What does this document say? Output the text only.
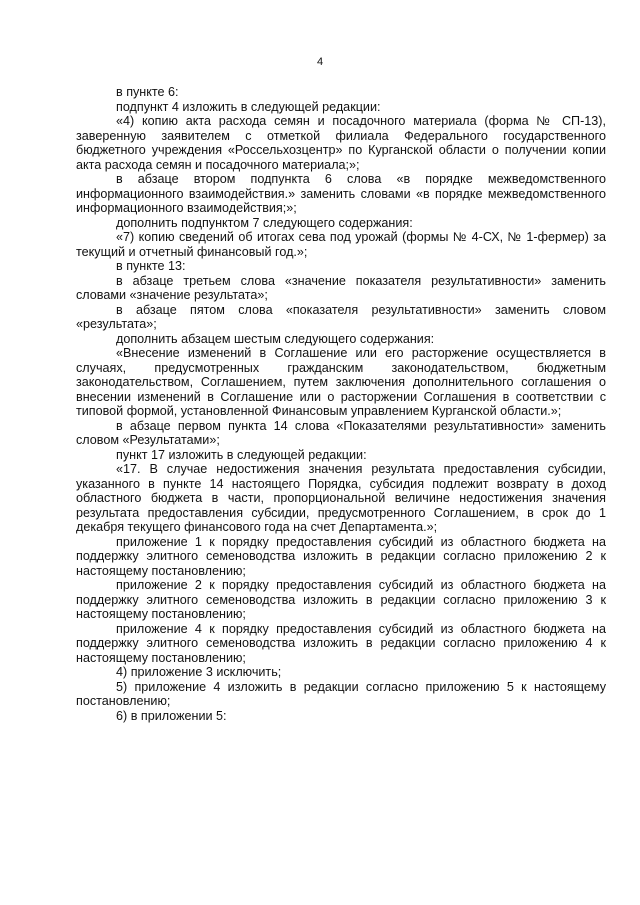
4

в пункте 6:

подпункт 4 изложить в следующей редакции:

«4) копию акта расхода семян и посадочного материала (форма № СП-13), заверенную заявителем с отметкой филиала Федерального государственного бюджетного учреждения «Россельхозцентр» по Курганской области о получении копии акта расхода семян и посадочного материала;»;

в абзаце втором подпункта 6 слова «в порядке межведомственного информационного взаимодействия.» заменить словами «в порядке межведомственного информационного взаимодействия;»;

дополнить подпунктом 7 следующего содержания:

«7) копию сведений об итогах сева под урожай (формы № 4-СХ, № 1-фермер) за текущий и отчетный финансовый год.»;

в пункте 13:

в абзаце третьем слова «значение показателя результативности» заменить словами «значение результата»;

в абзаце пятом слова «показателя результативности» заменить словом «результата»;

дополнить абзацем шестым следующего содержания:

«Внесение изменений в Соглашение или его расторжение осуществляется в случаях, предусмотренных гражданским законодательством, бюджетным законодательством, Соглашением, путем заключения дополнительного соглашения о внесении изменений в Соглашение или о расторжении Соглашения в соответствии с типовой формой, установленной Финансовым управлением Курганской области.»;

в абзаце первом пункта 14 слова «Показателями результативности» заменить словом «Результатами»;

пункт 17 изложить в следующей редакции:

«17. В случае недостижения значения результата предоставления субсидии, указанного в пункте 14 настоящего Порядка, субсидия подлежит возврату в доход областного бюджета в части, пропорциональной величине недостижения значения результата предоставления субсидии, предусмотренного Соглашением, в срок до 1 декабря текущего финансового года на счет Департамента.»;

приложение 1 к порядку предоставления субсидий из областного бюджета на поддержку элитного семеноводства изложить в редакции согласно приложению 2 к настоящему постановлению;

приложение 2 к порядку предоставления субсидий из областного бюджета на поддержку элитного семеноводства изложить в редакции согласно приложению 3 к настоящему постановлению;

приложение 4 к порядку предоставления субсидий из областного бюджета на поддержку элитного семеноводства изложить в редакции согласно приложению 4 к настоящему постановлению;

4) приложение 3 исключить;

5) приложение 4 изложить в редакции согласно приложению 5 к настоящему постановлению;

6) в приложении 5:
